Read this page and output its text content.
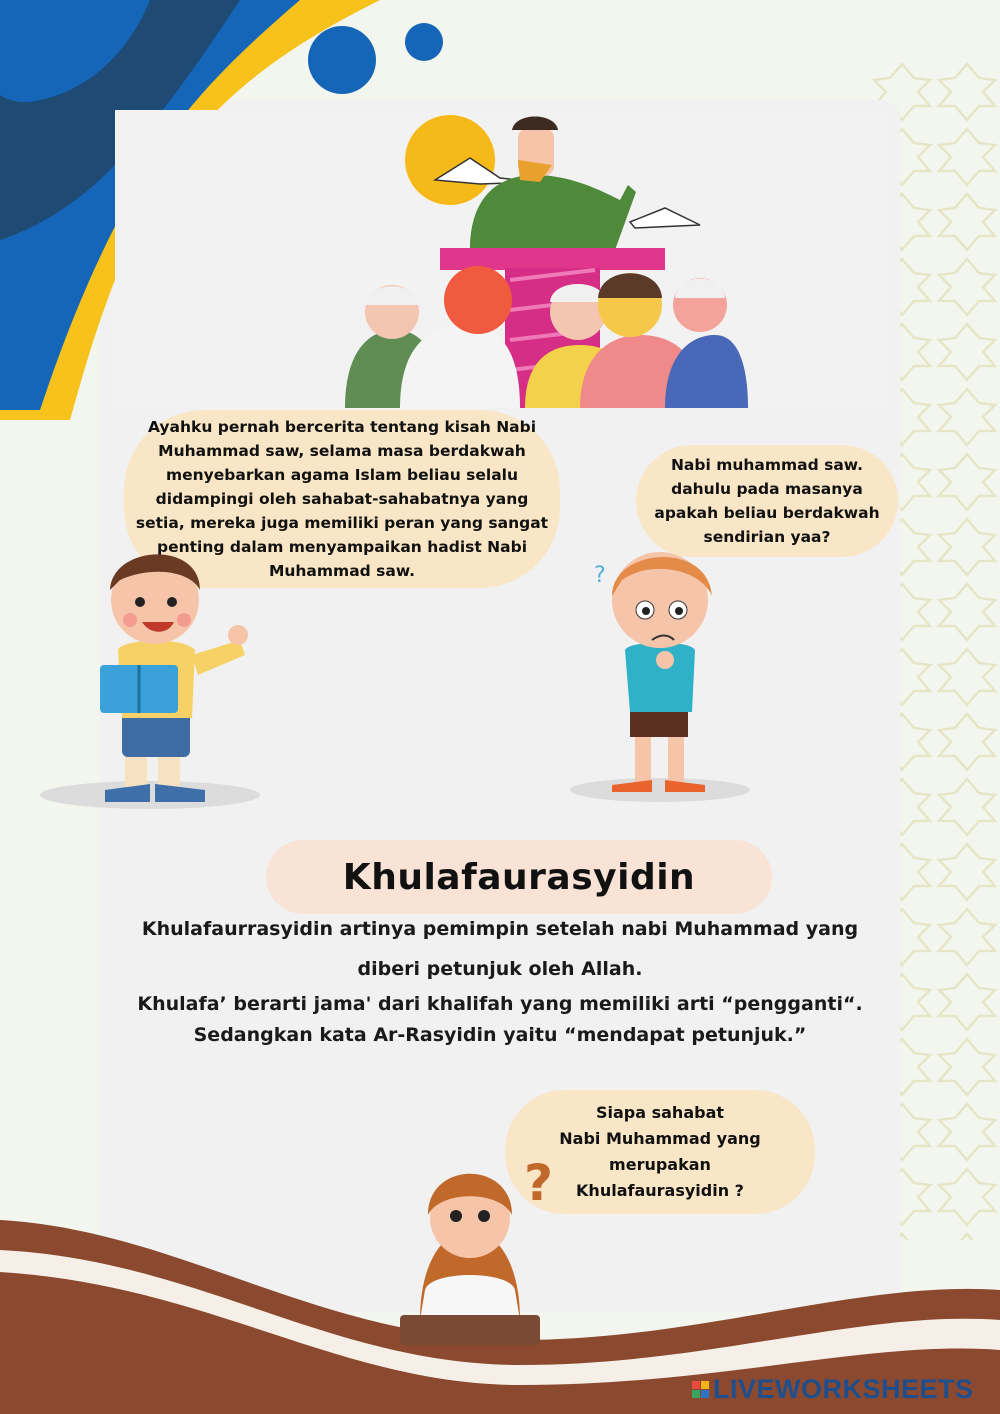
Ayahku pernah bercerita tentang kisah Nabi
Muhammad saw, selama masa berdakwah
menyebarkan agama Islam beliau selalu
didampingi oleh sahabat-sahabatnya yang
setia, mereka juga memiliki peran yang sangat
penting dalam menyampaikan hadist Nabi
Muhammad saw.
Nabi muhammad saw.
dahulu pada masanya
apakah beliau berdakwah
sendirian yaa?
?
Khulafaurasyidin
Khulafaurrasyidin artinya pemimpin setelah nabi Muhammad yang
diberi petunjuk oleh Allah.
Khulafa’ berarti jama' dari khalifah yang memiliki arti “pengganti“.
Sedangkan kata Ar-Rasyidin yaitu “mendapat petunjuk.”
Siapa sahabat
Nabi Muhammad yang
merupakan
Khulafaurasyidin ?
?
LIVEWORKSHEETS
